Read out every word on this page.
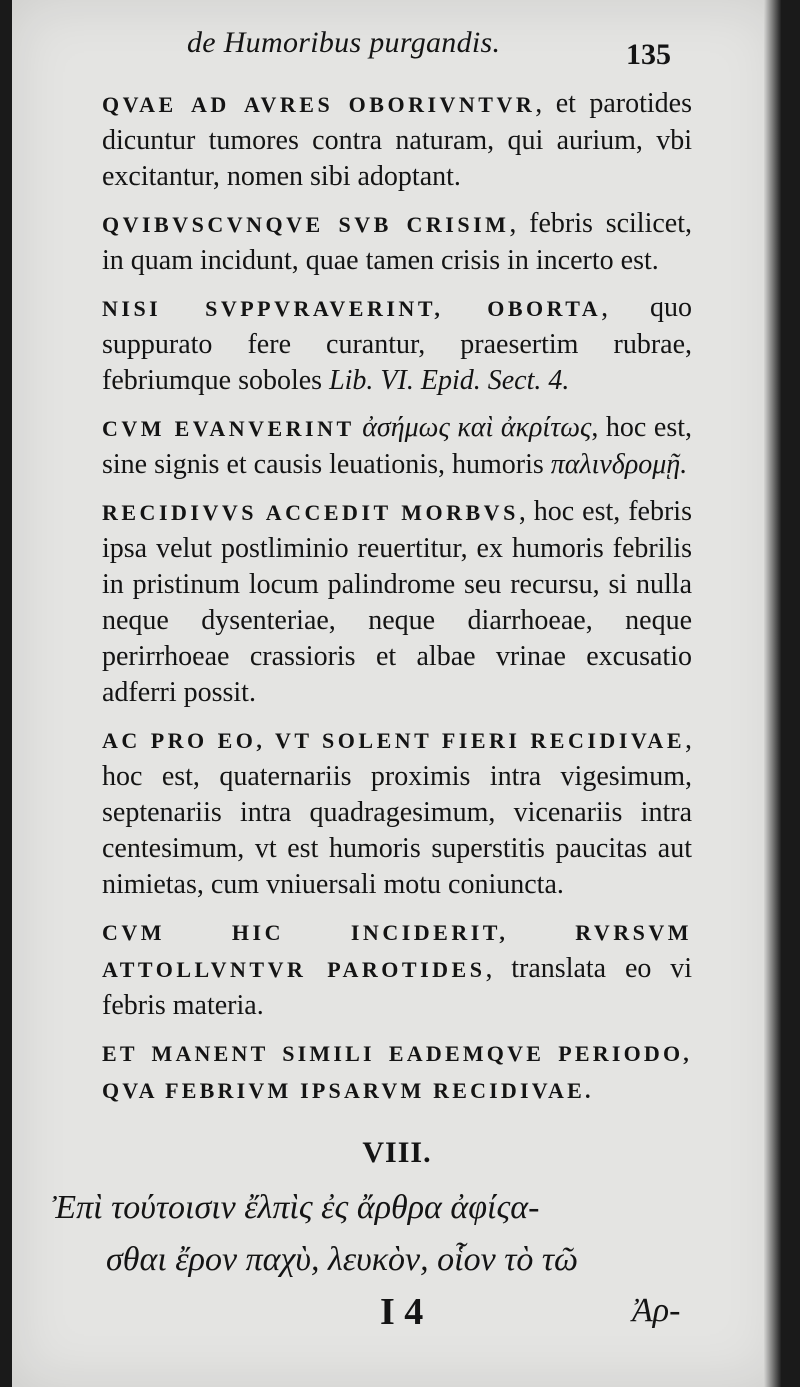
de Humoribus purgandis.	135

QVAE AD AVRES OBORIVNTVR, et parotides dicuntur tumores contra naturam, qui aurium, vbi excitantur, nomen sibi adoptant.

QVIBVSCVNQVE SVB CRISIM, febris scilicet, in quam incidunt, quae tamen crisis in incerto est.

NISI SVPPVRAVERINT, OBORTA, quo suppurato fere curantur, praesertim rubrae, febriumque soboles Lib. VI. Epid. Sect. 4.

CVM EVANVERINT ἀσήμως καὶ ἀκρίτως, hoc est, sine signis et causis leuationis, humoris παλινδρομῇ.

RECIDIVVS ACCEDIT MORBVS, hoc est, febris ipsa velut postliminio reuertitur, ex humoris febrilis in pristinum locum palindrome seu recursu, si nulla neque dysenteriae, neque diarrhoeae, neque perirrhoeae crassioris et albae vrinae excusatio adferri possit.

AC PRO EO, VT SOLENT FIERI RECIDIVAE, hoc est, quaternariis proximis intra vigesimum, septenariis intra quadragesimum, vicenariis intra centesimum, vt est humoris superstitis paucitas aut nimietas, cum vniuersali motu coniuncta.

CVM HIC INCIDERIT, RVRSVM ATTOLLVNTVR PAROTIDES, translata eo vi febris materia.

ET MANENT SIMILI EADEMQVE PERIODO, QVA FEBRIVM IPSARVM RECIDIVAE.

VIII.
Ἐπὶ τούτοισιν ἔλπὶς ἐς ἄρθρα ἀφίςα-
σθαι ἔρον παχὺ, λευκὸν, οἷον τὸ τῶ
I 4	Ἀρ-
